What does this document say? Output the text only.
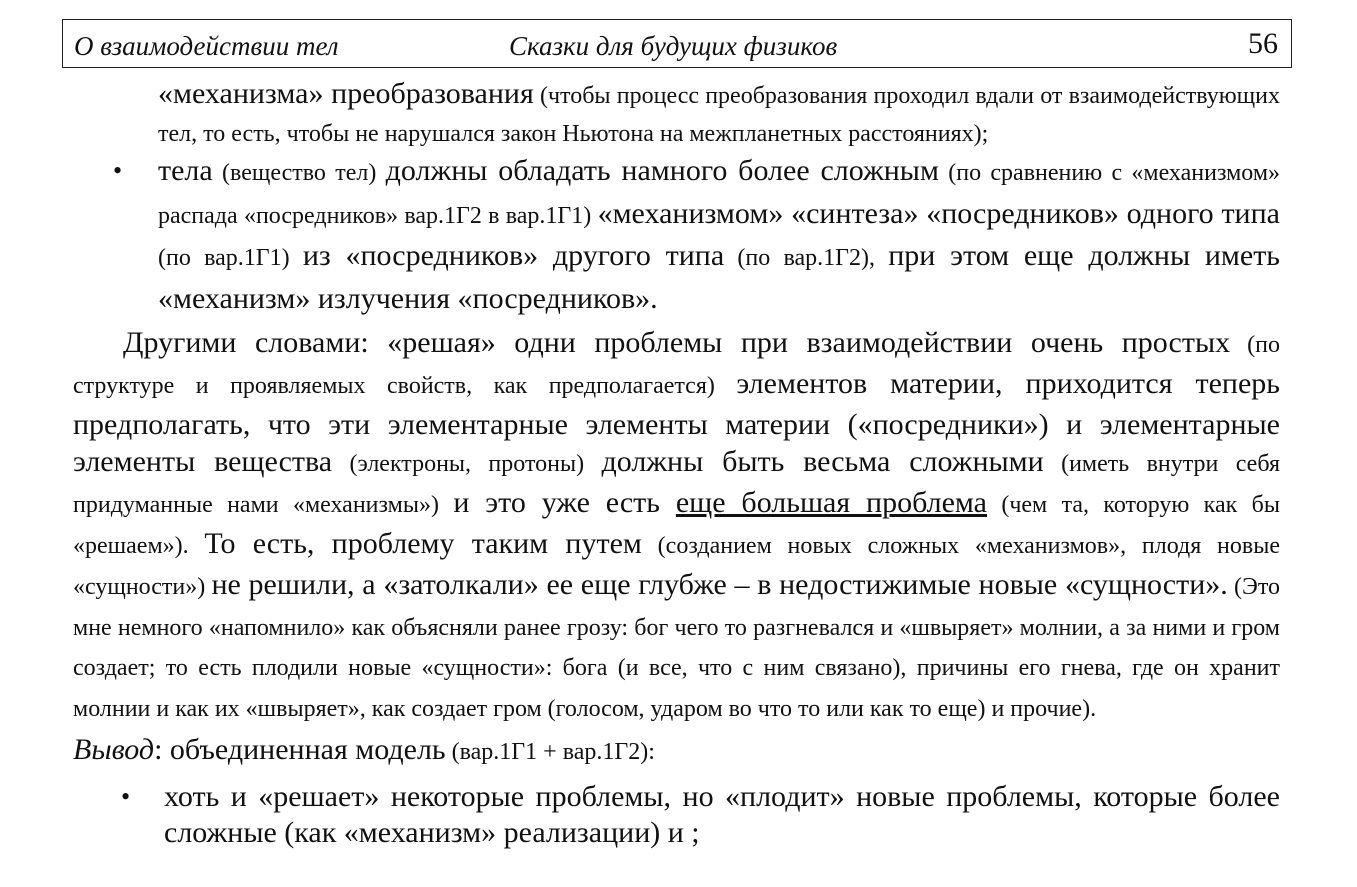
О взаимодействии тел	Сказки для будущих физиков	56

«механизма» преобразования (чтобы процесс преобразования проходил вдали от взаимодействующих тел, то есть, чтобы не нарушался закон Ньютона на межпланетных расстояниях);

• тела (вещество тел) должны обладать намного более сложным (по сравнению с «механизмом» распада «посредников» вар.1Г2 в вар.1Г1) «механизмом» «синтеза» «посредников» одного типа (по вар.1Г1) из «посредников» другого типа (по вар.1Г2), при этом еще должны иметь «механизм» излучения «посредников».

Другими словами: «решая» одни проблемы при взаимодействии очень простых (по структуре и проявляемых свойств, как предполагается) элементов материи, приходится теперь предполагать, что эти элементарные элементы материи («посредники») и элементарные элементы вещества (электроны, протоны) должны быть весьма сложными (иметь внутри себя придуманные нами «механизмы») и это уже есть еще большая проблема (чем та, которую как бы «решаем»). То есть, проблему таким путем (созданием новых сложных «механизмов», плодя новые «сущности») не решили, а «затолкали» ее еще глубже – в недостижимые новые «сущности». (Это мне немного «напомнило» как объясняли ранее грозу: бог чего то разгневался и «швыряет» молнии, а за ними и гром создает; то есть плодили новые «сущности»: бога (и все, что с ним связано), причины его гнева, где он хранит молнии и как их «швыряет», как создает гром (голосом, ударом во что то или как то еще) и прочие).

Вывод: объединенная модель (вар.1Г1 + вар.1Г2):

• хоть и «решает» некоторые проблемы, но «плодит» новые проблемы, которые более сложные (как «механизм» реализации) и ;
